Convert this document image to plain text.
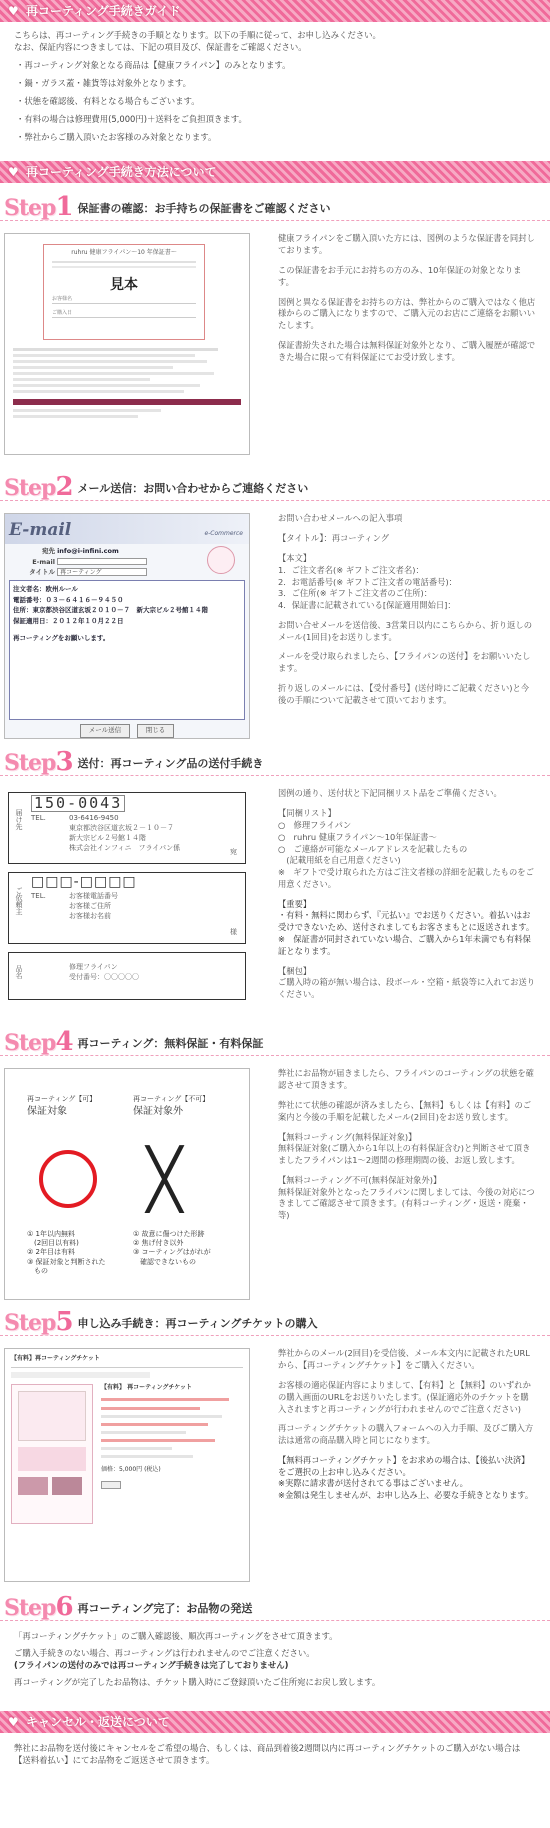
♥ 再コーティング手続きガイド

こちらは、再コーティング手続きの手順となります。以下の手順に従って、お申し込みください。

なお、保証内容につきましては、下記の項目及び、保証書をご確認ください。

・再コーティング対象となる商品は【健康フライパン】のみとなります。
・鍋・ガラス蓋・雑貨等は対象外となります。
・状態を確認後、有料となる場合もございます。
・有料の場合は修理費用(5,000円)＋送料をご負担頂きます。
・弊社からご購入頂いたお客様のみ対象となります。
♥ 再コーティング手続き方法について
Step 1 保証書の確認：お手持ちの保証書をご確認ください
ruhru 健康フライパン〜10 年保証書〜
見本
お客様名
ご購入日

健康フライパンをご購入頂いた方には、図例のような保証書を同封しております。

この保証書をお手元にお持ちの方のみ、10年保証の対象となります。

図例と異なる保証書をお持ちの方は、弊社からのご購入ではなく他店様からのご購入になりますので、ご購入元のお店にご連絡をお願いいたします。

保証書紛失された場合は無料保証対象外となり、ご購入履歴が確認できた場合に限って有料保証にてお受け致します。

Step 2 メール送信：お問い合わせからご連絡ください
E-mail	e-Commerce
宛先 info@i-infini.com
E-mail
タイトル 再コーティング
注文者名：欧州ルール
電話番号：０３－６４１６－９４５０
住所：東京都渋谷区道玄坂２０１０－７　新大宗ビル２号館１４階
保証適用日：２０１２年１０月２２日
再コーティングをお願いします。
メール送信	閉じる

お問い合わせメールへの記入事項

【タイトル】：再コーティング

【本文】
1．ご注文者名(※ ギフトご注文者名)：
2．お電話番号(※ ギフトご注文者の電話番号)：
3．ご住所(※ ギフトご注文者のご住所)：
4．保証書に記載されている[保証適用開始日]：

お問い合せメールを送信後、3営業日以内にこちらから、折り返しのメール(1回目)をお送りします。

メールを受け取られましたら、【フライパンの送付】をお願いいたします。

折り返しのメールには、【受付番号】(送付時にご記載ください)と今後の手順について記載させて頂いております。

Step 3 送付：再コーティング品の送付手続き
届け先
150-0043
TEL.	03-6416-9450
東京都渋谷区道玄坂２－１０－７
新大宗ビル２号館１４階
株式会社インフィニ　フライパン係	宛
ご依頼主
□□□-□□□□
TEL.	お客様電話番号
お客様ご住所
お客様お名前
様
品名	修理フライパン
受付番号：〇〇〇〇〇

図例の通り、送付状と下記同梱リスト品をご準備ください。

【同梱リスト】
○　修理フライパン
○　ruhru 健康フライパン〜10年保証書〜
○　ご連絡が可能なメールアドレスを記載したもの
　(記載用紙を自己用意ください)
※　ギフトで受け取られた方はご注文者様の詳細を記載したものをご用意ください。

【重要】
・有料・無料に関わらず、『元払い』でお送りください。着払いはお受けできないため、送付されましてもお客さまもとに返送されます。
※　保証書が同封されていない場合、ご購入から1年未満でも有料保証となります。

【梱包】
ご購入時の箱が無い場合は、段ボール・空箱・紙袋等に入れてお送りください。

Step 4 再コーティング：無料保証・有料保証
再コーティング【可】
保証対象
再コーティング【不可】
保証対象外
╳
① 1年以内無料
　(2回目以有料)
② 2年目は有料
③ 保証対象と判断された
　もの
① 故意に傷つけた形跡
② 焦げ付き以外
③ コーティングはがれが
　確認できないもの

弊社にお品物が届きましたら、フライパンのコーティングの状態を確認させて頂きます。

弊社にて状態の確認が済みましたら、【無料】もしくは【有料】のご案内と今後の手順を記載したメール(2回目)をお送り致します。

【無料コーティング(無料保証対象)】
無料保証対象(ご購入から1年以上の有料保証含む)と判断させて頂きましたフライパンは1〜2週間の修理期間の後、お返し致します。

【無料コーティング不可(無料保証対象外)】
無料保証対象外となったフライパンに関しましては、今後の対応につきましてご確認させて頂きます。(有料コーティング・返送・廃棄・等)

Step 5 申し込み手続き：再コーティングチケットの購入
【有料】再コーティングチケット
【有料】 再コーティングチケット
価格：5,000円 (税込)

弊社からのメール(2回目)を受信後、メール本文内に記載されたURLから、【再コーティングチケット】をご購入ください。

お客様の適応保証内容によりまして、【有料】と【無料】のいずれかの購入画面のURLをお送りいたします。(保証適応外のチケットを購入されますと再コーティングが行われませんのでご注意ください)

再コーティングチケットの購入フォームへの入力手順、及びご購入方法は通常の商品購入時と同じになります。

【無料再コーティングチケット】をお求めの場合は、【後払い決済】をご選択の上お申し込みください。
※実際に請求書が送付されてる事はございません。
※金額は発生しませんが、お申し込み上、必要な手続きとなります。

Step 6 再コーティング完了：お品物の発送

「再コーティングチケット」のご購入確認後、順次再コーティングをさせて頂きます。

ご購入手続きのない場合、再コーティングは行われませんのでご注意ください。

(フライパンの送付のみでは再コーティング手続きは完了しておりません)

再コーティングが完了したお品物は、チケット購入時にご登録頂いたご住所宛にお戻し致します。

♥ キャンセル・返送について

弊社にお品物を送付後にキャンセルをご希望の場合、もしくは、商品到着後2週間以内に再コーティングチケットのご購入がない場合は【送料着払い】にてお品物をご返送させて頂きます。
